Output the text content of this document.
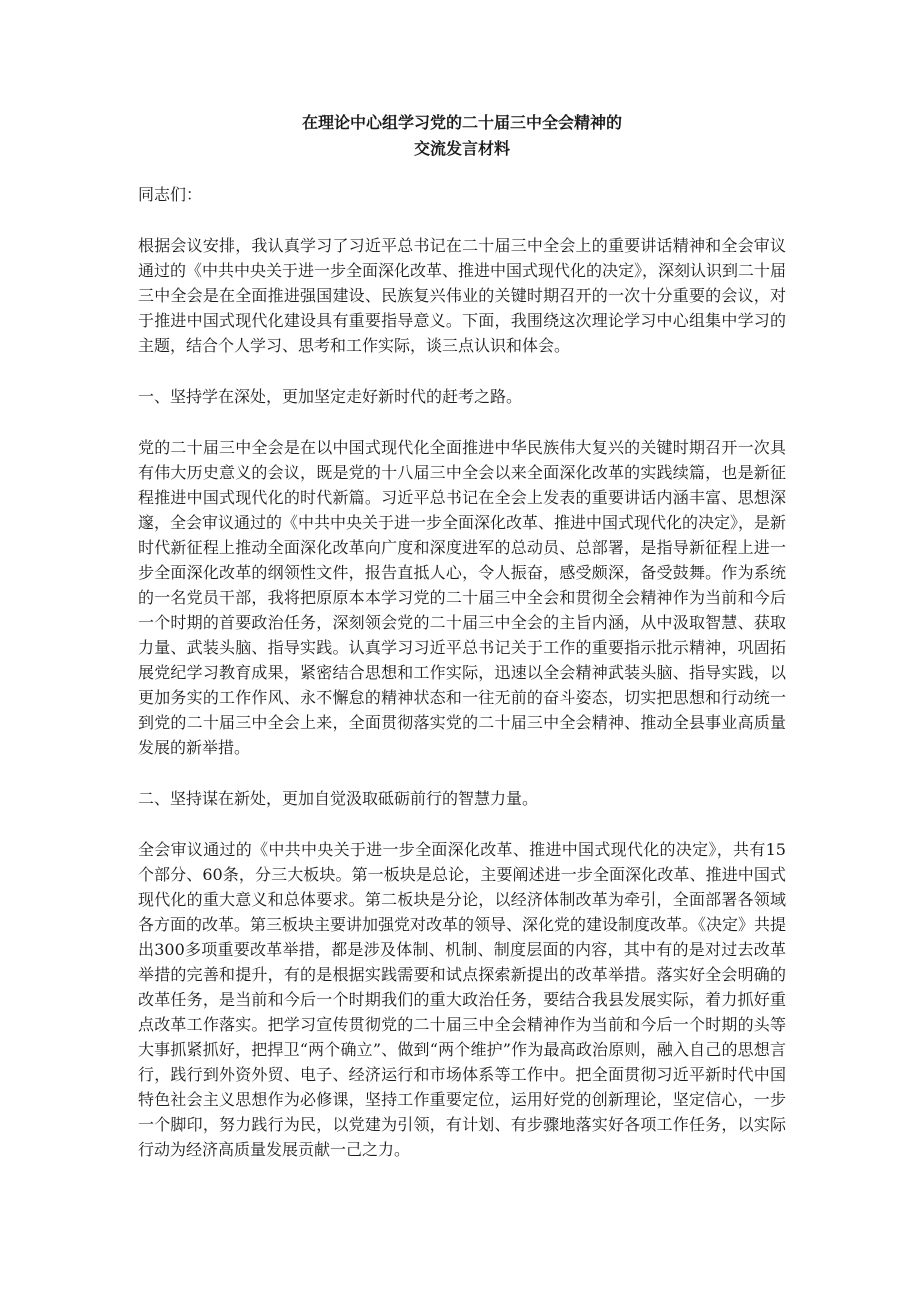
在理论中心组学习党的二十届三中全会精神的
交流发言材料

同志们：

根据会议安排，我认真学习了习近平总书记在二十届三中全会上的重要讲话精神和全会审议通过的《中共中央关于进一步全面深化改革、推进中国式现代化的决定》，深刻认识到二十届三中全会是在全面推进强国建设、民族复兴伟业的关键时期召开的一次十分重要的会议，对于推进中国式现代化建设具有重要指导意义。下面，我围绕这次理论学习中心组集中学习的主题，结合个人学习、思考和工作实际，谈三点认识和体会。

一、坚持学在深处，更加坚定走好新时代的赶考之路。

党的二十届三中全会是在以中国式现代化全面推进中华民族伟大复兴的关键时期召开一次具有伟大历史意义的会议，既是党的十八届三中全会以来全面深化改革的实践续篇，也是新征程推进中国式现代化的时代新篇。习近平总书记在全会上发表的重要讲话内涵丰富、思想深邃，全会审议通过的《中共中央关于进一步全面深化改革、推进中国式现代化的决定》，是新时代新征程上推动全面深化改革向广度和深度进军的总动员、总部署，是指导新征程上进一步全面深化改革的纲领性文件，报告直抵人心，令人振奋，感受颇深，备受鼓舞。作为系统的一名党员干部，我将把原原本本学习党的二十届三中全会和贯彻全会精神作为当前和今后一个时期的首要政治任务，深刻领会党的二十届三中全会的主旨内涵，从中汲取智慧、获取力量、武装头脑、指导实践。认真学习习近平总书记关于工作的重要指示批示精神，巩固拓展党纪学习教育成果，紧密结合思想和工作实际，迅速以全会精神武装头脑、指导实践，以更加务实的工作作风、永不懈怠的精神状态和一往无前的奋斗姿态，切实把思想和行动统一到党的二十届三中全会上来，全面贯彻落实党的二十届三中全会精神、推动全县事业高质量发展的新举措。

二、坚持谋在新处，更加自觉汲取砥砺前行的智慧力量。

全会审议通过的《中共中央关于进一步全面深化改革、推进中国式现代化的决定》，共有15个部分、60条，分三大板块。第一板块是总论，主要阐述进一步全面深化改革、推进中国式现代化的重大意义和总体要求。第二板块是分论，以经济体制改革为牵引，全面部署各领域各方面的改革。第三板块主要讲加强党对改革的领导、深化党的建设制度改革。《决定》共提出300多项重要改革举措，都是涉及体制、机制、制度层面的内容，其中有的是对过去改革举措的完善和提升，有的是根据实践需要和试点探索新提出的改革举措。落实好全会明确的改革任务，是当前和今后一个时期我们的重大政治任务，要结合我县发展实际，着力抓好重点改革工作落实。把学习宣传贯彻党的二十届三中全会精神作为当前和今后一个时期的头等大事抓紧抓好，把捍卫“两个确立”、做到“两个维护”作为最高政治原则，融入自己的思想言行，践行到外资外贸、电子、经济运行和市场体系等工作中。把全面贯彻习近平新时代中国特色社会主义思想作为必修课，坚持工作重要定位，运用好党的创新理论，坚定信心，一步一个脚印，努力践行为民，以党建为引领，有计划、有步骤地落实好各项工作任务，以实际行动为经济高质量发展贡献一己之力。
